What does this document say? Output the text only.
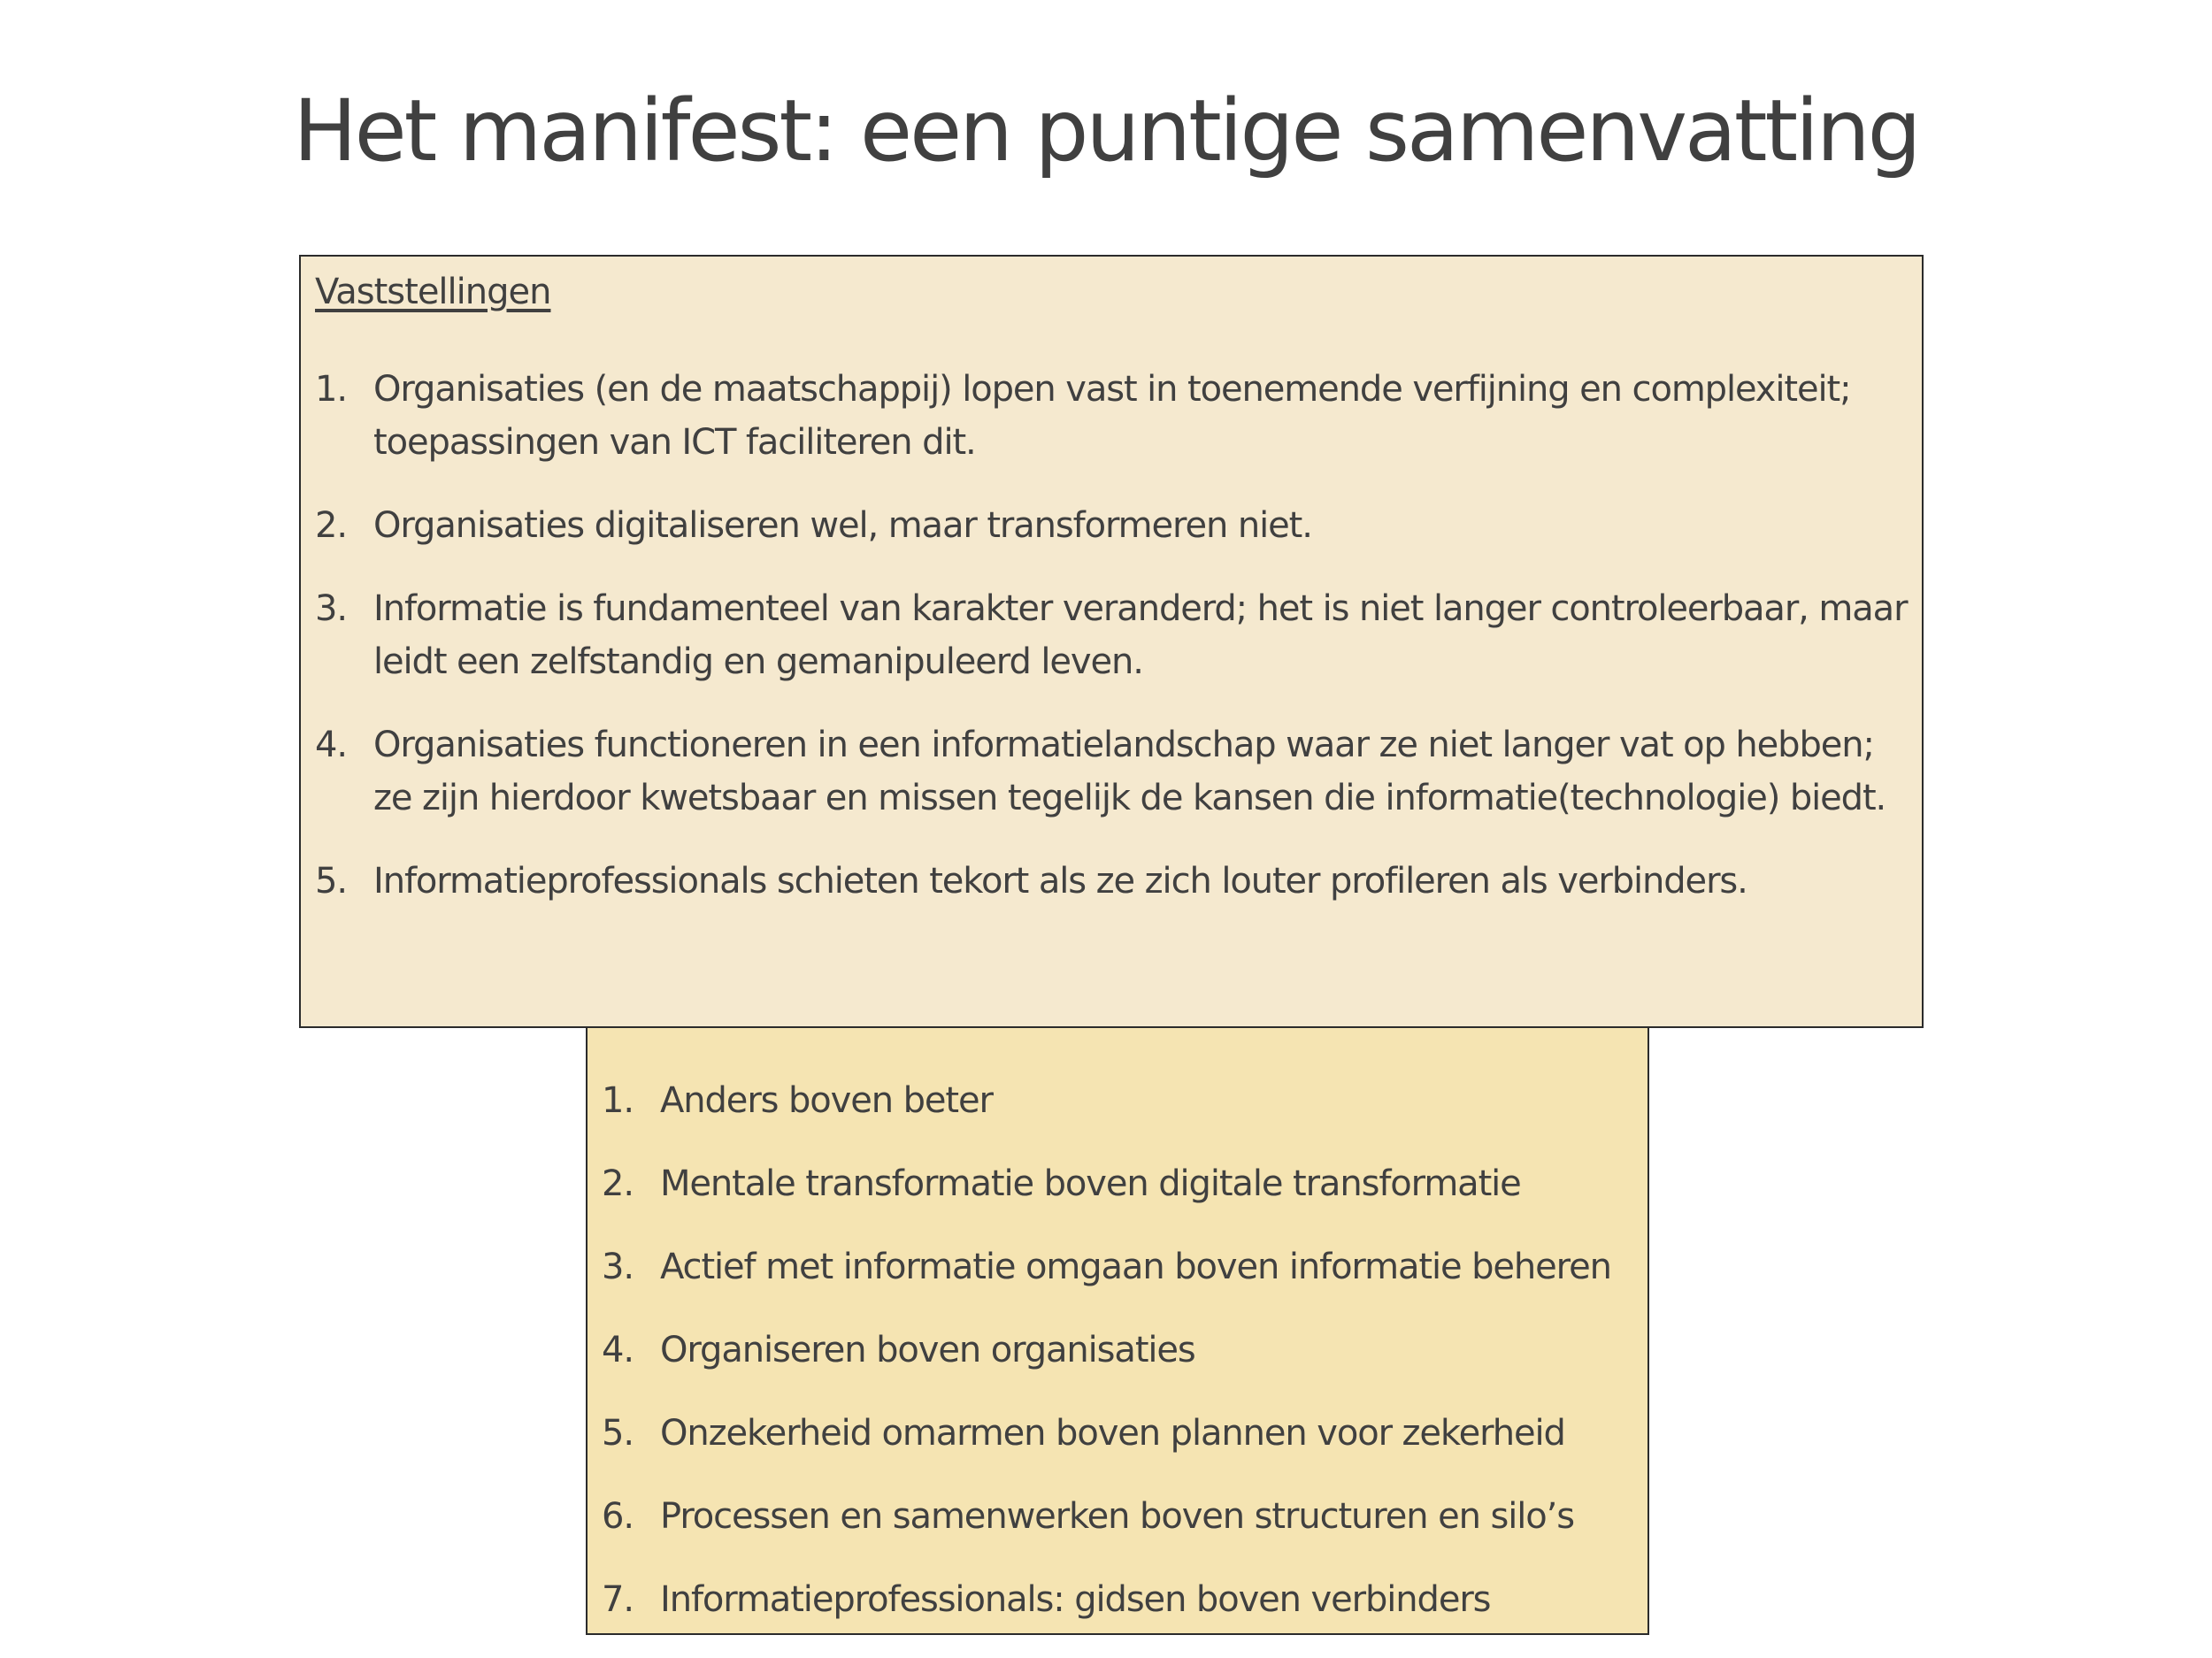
Het manifest: een puntige samenvatting
Vaststellingen
1. Organisaties (en de maatschappij) lopen vast in toenemende verfijning en complexiteit; toepassingen van ICT faciliteren dit.
2. Organisaties digitaliseren wel, maar transformeren niet.
3. Informatie is fundamenteel van karakter veranderd; het is niet langer controleerbaar, maar leidt een zelfstandig en gemanipuleerd leven.
4. Organisaties functioneren in een informatielandschap waar ze niet langer vat op hebben; ze zijn hierdoor kwetsbaar en missen tegelijk de kansen die informatie(technologie) biedt.
5. Informatieprofessionals schieten tekort als ze zich louter profileren als verbinders.
1. Anders boven beter
2. Mentale transformatie boven digitale transformatie
3. Actief met informatie omgaan boven informatie beheren
4. Organiseren boven organisaties
5. Onzekerheid omarmen boven plannen voor zekerheid
6. Processen en samenwerken boven structuren en silo’s
7. Informatieprofessionals: gidsen boven verbinders
